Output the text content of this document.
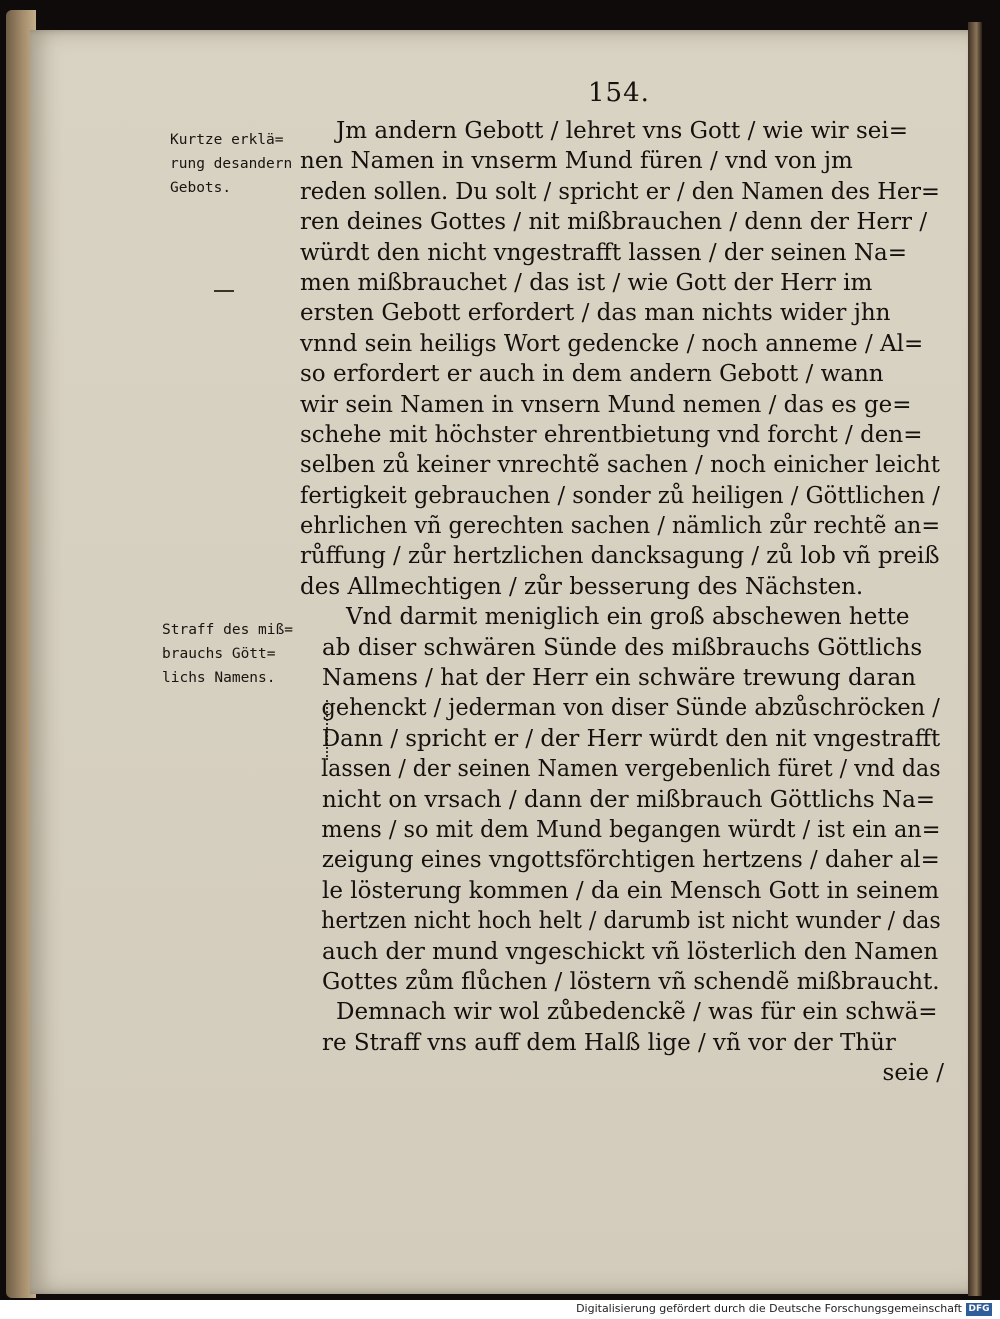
154.
Kurtze erklä=
rung desandern
Gebots.
Straff des miß=
brauchs Gött=
lichs Namens.
Jm andern Gebott / lehret vns Gott / wie wir sei=
nen Namen in vnserm Mund füren / vnd von jm
reden sollen. Du solt / spricht er / den Namen des Her=
ren deines Gottes / nit mißbrauchen / denn der Herr /
würdt den nicht vngestrafft lassen / der seinen Na=
men mißbrauchet / das ist / wie Gott der Herr im
ersten Gebott erfordert / das man nichts wider jhn
vnnd sein heiligs Wort gedencke / noch anneme / Al=
so erfordert er auch in dem andern Gebott / wann
wir sein Namen in vnsern Mund nemen / das es ge=
schehe mit höchster ehrentbietung vnd forcht / den=
selben zů keiner vnrechtẽ sachen / noch einicher leicht
fertigkeit gebrauchen / sonder zů heiligen / Göttlichen /
ehrlichen vñ gerechten sachen / nämlich zůr rechtẽ an=
růffung / zůr hertzlichen dancksagung / zů lob vñ preiß
des Allmechtigen / zůr besserung des Nächsten.
Vnd darmit meniglich ein groß abschewen hette
ab diser schwären Sünde des mißbrauchs Göttlichs
Namens / hat der Herr ein schwäre trewung daran
gehenckt / jederman von diser Sünde abzůschröcken /
Dann / spricht er / der Herr würdt den nit vngestrafft
lassen / der seinen Namen vergebenlich füret / vnd das
nicht on vrsach / dann der mißbrauch Göttlichs Na=
mens / so mit dem Mund begangen würdt / ist ein an=
zeigung eines vngottsförchtigen hertzens / daher al=
le lösterung kommen / da ein Mensch Gott in seinem
hertzen nicht hoch helt / darumb ist nicht wunder / das
auch der mund vngeschickt vñ lösterlich den Namen
Gottes zům flůchen / löstern vñ schendẽ mißbraucht.
Demnach wir wol zůbedenckẽ / was für ein schwä=
re Straff vns auff dem Halß lige / vñ vor der Thür
seie /
Digitalisierung gefördert durch die Deutsche Forschungsgemeinschaft DFG
